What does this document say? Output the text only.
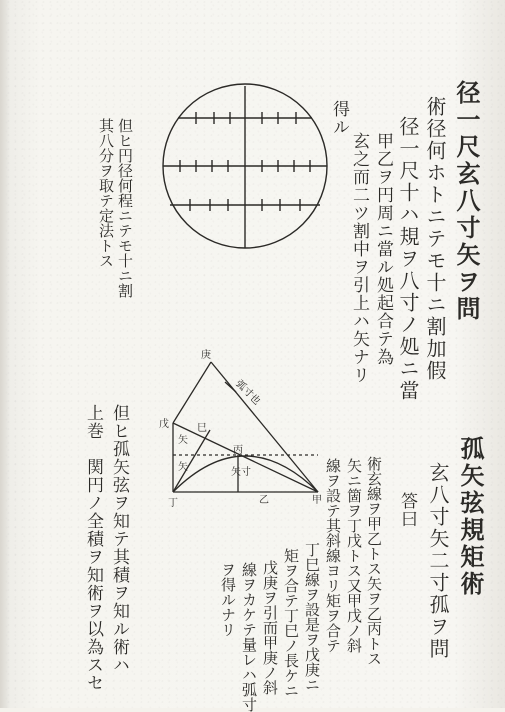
庚
戊
丁	甲
乙
丙
巳
矢
矢	矢寸
弧寸也
径一尺玄八寸矢ヲ問
術径何ホトニテモ十ニ割加假
径一尺十ハ規ヲ八寸ノ処ニ當
甲乙ヲ円周ニ當ル処起合テ為
玄之而二ツ割中ヲ引上ハ矢ナリ
得ル
但ヒ円径何程ニテモ十ニ割
其八分ヲ取テ定法トス
孤矢弦規矩術
玄八寸矢二寸孤ヲ問
答曰
術玄線ヲ甲乙トス矢ヲ乙丙トス
矢ニ箇ヲ丁戊トス又甲戊ノ斜
線ヲ設テ其斜線ヨリ矩ヲ合テ
丁巳線ヲ設是ヲ戊庚ニ
矩ヲ合テ丁巳ノ長ケニ
戊庚ヲ引而甲庚ノ斜
線ヲカケテ量レハ弧寸
ヲ得ルナリ
但ヒ孤矢弦ヲ知テ其積ヲ知ル術ハ
上巻　関円ノ全積ヲ知術ヲ以為スセ
